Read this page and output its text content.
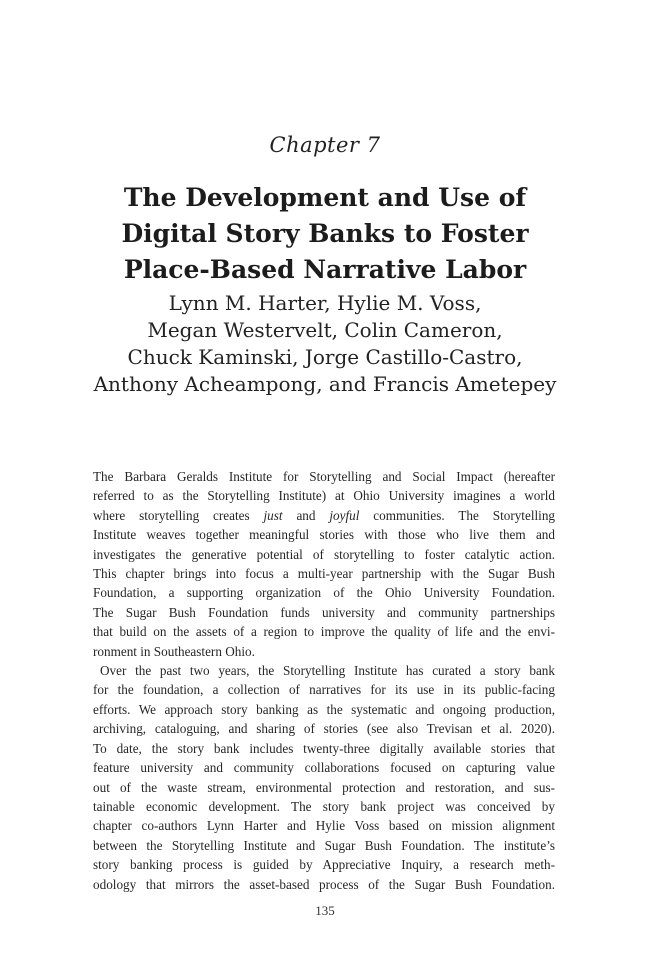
Chapter 7
The Development and Use of
Digital Story Banks to Foster
Place-Based Narrative Labor
Lynn M. Harter, Hylie M. Voss,
Megan Westervelt, Colin Cameron,
Chuck Kaminski, Jorge Castillo-Castro,
Anthony Acheampong, and Francis Ametepey
The Barbara Geralds Institute for Storytelling and Social Impact (hereafter
referred to as the Storytelling Institute) at Ohio University imagines a world
where storytelling creates just and joyful communities. The Storytelling
Institute weaves together meaningful stories with those who live them and
investigates the generative potential of storytelling to foster catalytic action.
This chapter brings into focus a multi-year partnership with the Sugar Bush
Foundation, a supporting organization of the Ohio University Foundation.
The Sugar Bush Foundation funds university and community partnerships
that build on the assets of a region to improve the quality of life and the envi-
ronment in Southeastern Ohio.
Over the past two years, the Storytelling Institute has curated a story bank
for the foundation, a collection of narratives for its use in its public-facing
efforts. We approach story banking as the systematic and ongoing production,
archiving, cataloguing, and sharing of stories (see also Trevisan et al. 2020).
To date, the story bank includes twenty-three digitally available stories that
feature university and community collaborations focused on capturing value
out of the waste stream, environmental protection and restoration, and sus-
tainable economic development. The story bank project was conceived by
chapter co-authors Lynn Harter and Hylie Voss based on mission alignment
between the Storytelling Institute and Sugar Bush Foundation. The institute’s
story banking process is guided by Appreciative Inquiry, a research meth-
odology that mirrors the asset-based process of the Sugar Bush Foundation.
135
